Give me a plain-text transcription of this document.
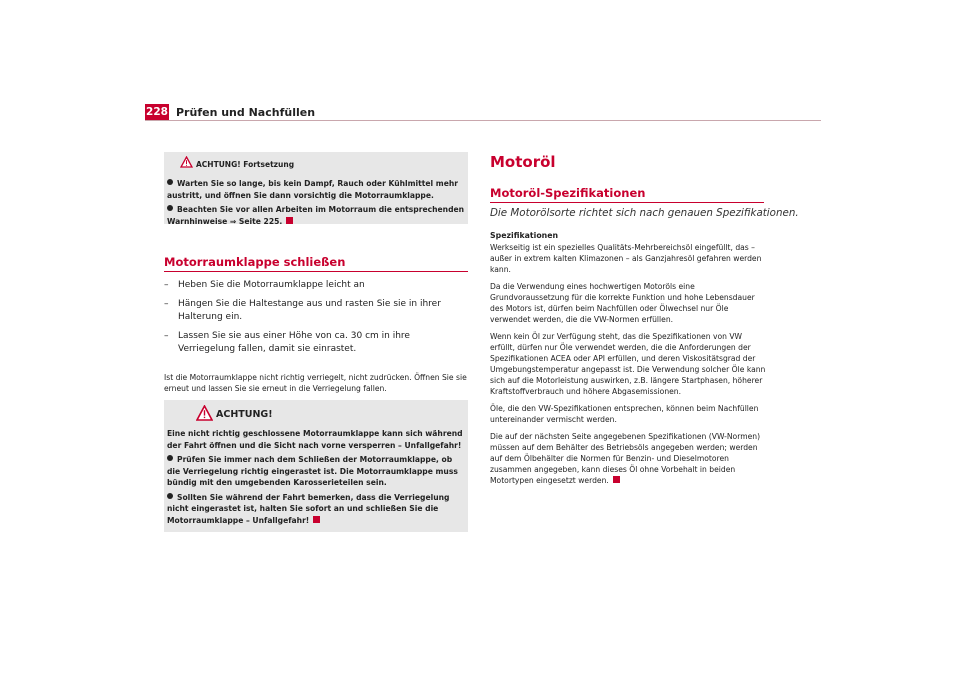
228 Prüfen und Nachfüllen
ACHTUNG! Fortsetzung

Warten Sie so lange, bis kein Dampf, Rauch oder Kühlmittel mehr austritt, und öffnen Sie dann vorsichtig die Motorraumklappe.

Beachten Sie vor allen Arbeiten im Motorraum die entsprechenden Warnhinweise ⇒ Seite 225.

Motorraumklappe schließen
–	Heben Sie die Motorraumklappe leicht an
–	Hängen Sie die Haltestange aus und rasten Sie sie in ihrer Halterung ein.
–	Lassen Sie sie aus einer Höhe von ca. 30 cm in ihre Verriegelung fallen, damit sie einrastet.
Ist die Motorraumklappe nicht richtig verriegelt, nicht zudrücken. Öffnen Sie sie erneut und lassen Sie sie erneut in die Verriegelung fallen.
ACHTUNG!

Eine nicht richtig geschlossene Motorraumklappe kann sich während der Fahrt öffnen und die Sicht nach vorne versperren – Unfallgefahr!

Prüfen Sie immer nach dem Schließen der Motorraumklappe, ob die Verriegelung richtig eingerastet ist. Die Motorraumklappe muss bündig mit den umgebenden Karosserieteilen sein.

Sollten Sie während der Fahrt bemerken, dass die Verriegelung nicht eingerastet ist, halten Sie sofort an und schließen Sie die Motorraumklappe – Unfallgefahr!

Motoröl
Motoröl-Spezifikationen
Die Motorölsorte richtet sich nach genauen Spezifikationen.
Spezifikationen

Werkseitig ist ein spezielles Qualitäts-Mehrbereichsöl eingefüllt, das – außer in extrem kalten Klimazonen – als Ganzjahresöl gefahren werden kann.

Da die Verwendung eines hochwertigen Motoröls eine Grundvoraussetzung für die korrekte Funktion und hohe Lebensdauer des Motors ist, dürfen beim Nachfüllen oder Ölwechsel nur Öle verwendet werden, die die VW-Normen erfüllen.

Wenn kein Öl zur Verfügung steht, das die Spezifikationen von VW erfüllt, dürfen nur Öle verwendet werden, die die Anforderungen der Spezifikationen ACEA oder API erfüllen, und deren Viskositätsgrad der Umgebungstemperatur angepasst ist. Die Verwendung solcher Öle kann sich auf die Motorleistung auswirken, z.B. längere Startphasen, höherer Kraftstoffverbrauch und höhere Abgasemissionen.

Öle, die den VW-Spezifikationen entsprechen, können beim Nachfüllen untereinander vermischt werden.

Die auf der nächsten Seite angegebenen Spezifikationen (VW-Normen) müssen auf dem Behälter des Betriebsöls angegeben werden; werden auf dem Ölbehälter die Normen für Benzin- und Dieselmotoren zusammen angegeben, kann dieses Öl ohne Vorbehalt in beiden Motortypen eingesetzt werden.
